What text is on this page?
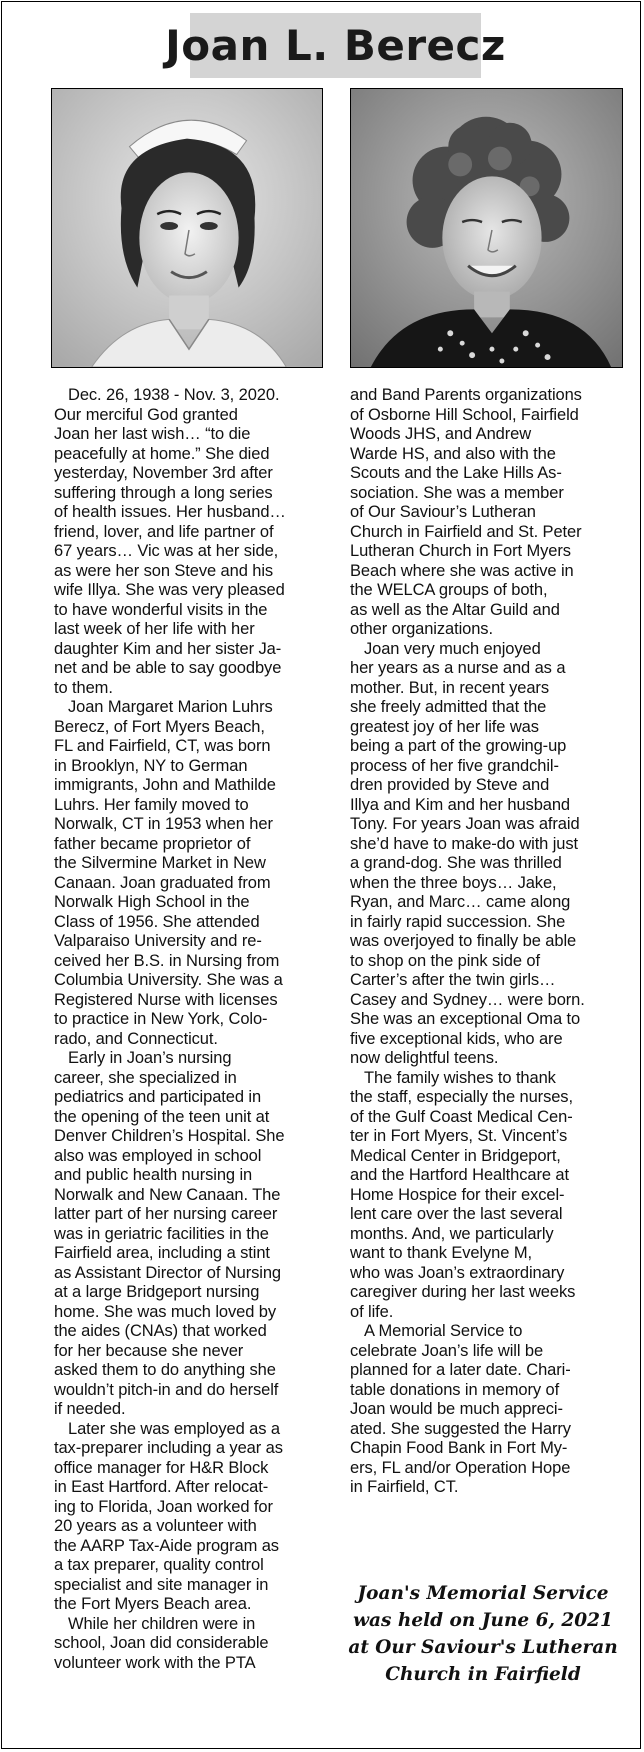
Joan L. Berecz

Dec. 26, 1938 - Nov. 3, 2020.
Our merciful God granted
Joan her last wish… “to die
peacefully at home.” She died
yesterday, November 3rd after
suffering through a long series
of health issues. Her husband…
friend, lover, and life partner of
67 years… Vic was at her side,
as were her son Steve and his
wife Illya. She was very pleased
to have wonderful visits in the
last week of her life with her
daughter Kim and her sister Ja-
net and be able to say goodbye
to them.

Joan Margaret Marion Luhrs
Berecz, of Fort Myers Beach,
FL and Fairfield, CT, was born
in Brooklyn, NY to German
immigrants, John and Mathilde
Luhrs. Her family moved to
Norwalk, CT in 1953 when her
father became proprietor of
the Silvermine Market in New
Canaan. Joan graduated from
Norwalk High School in the
Class of 1956. She attended
Valparaiso University and re-
ceived her B.S. in Nursing from
Columbia University. She was a
Registered Nurse with licenses
to practice in New York, Colo-
rado, and Connecticut.

Early in Joan’s nursing
career, she specialized in
pediatrics and participated in
the opening of the teen unit at
Denver Children’s Hospital. She
also was employed in school
and public health nursing in
Norwalk and New Canaan. The
latter part of her nursing career
was in geriatric facilities in the
Fairfield area, including a stint
as Assistant Director of Nursing
at a large Bridgeport nursing
home. She was much loved by
the aides (CNAs) that worked
for her because she never
asked them to do anything she
wouldn’t pitch-in and do herself
if needed.

Later she was employed as a
tax-preparer including a year as
office manager for H&R Block
in East Hartford. After relocat-
ing to Florida, Joan worked for
20 years as a volunteer with
the AARP Tax-Aide program as
a tax preparer, quality control
specialist and site manager in
the Fort Myers Beach area.

While her children were in
school, Joan did considerable
volunteer work with the PTA

and Band Parents organizations
of Osborne Hill School, Fairfield
Woods JHS, and Andrew
Warde HS, and also with the
Scouts and the Lake Hills As-
sociation. She was a member
of Our Saviour’s Lutheran
Church in Fairfield and St. Peter
Lutheran Church in Fort Myers
Beach where she was active in
the WELCA groups of both,
as well as the Altar Guild and
other organizations.

Joan very much enjoyed
her years as a nurse and as a
mother. But, in recent years
she freely admitted that the
greatest joy of her life was
being a part of the growing-up
process of her five grandchil-
dren provided by Steve and
Illya and Kim and her husband
Tony. For years Joan was afraid
she’d have to make-do with just
a grand-dog. She was thrilled
when the three boys… Jake,
Ryan, and Marc… came along
in fairly rapid succession. She
was overjoyed to finally be able
to shop on the pink side of
Carter’s after the twin girls…
Casey and Sydney… were born.
She was an exceptional Oma to
five exceptional kids, who are
now delightful teens.

The family wishes to thank
the staff, especially the nurses,
of the Gulf Coast Medical Cen-
ter in Fort Myers, St. Vincent’s
Medical Center in Bridgeport,
and the Hartford Healthcare at
Home Hospice for their excel-
lent care over the last several
months. And, we particularly
want to thank Evelyne M,
who was Joan’s extraordinary
caregiver during her last weeks
of life.

A Memorial Service to
celebrate Joan’s life will be
planned for a later date. Chari-
table donations in memory of
Joan would be much appreci-
ated. She suggested the Harry
Chapin Food Bank in Fort My-
ers, FL and/or Operation Hope
in Fairfield, CT.

Joan's Memorial Service
was held on June 6, 2021
at Our Saviour's Lutheran
Church in Fairfield
